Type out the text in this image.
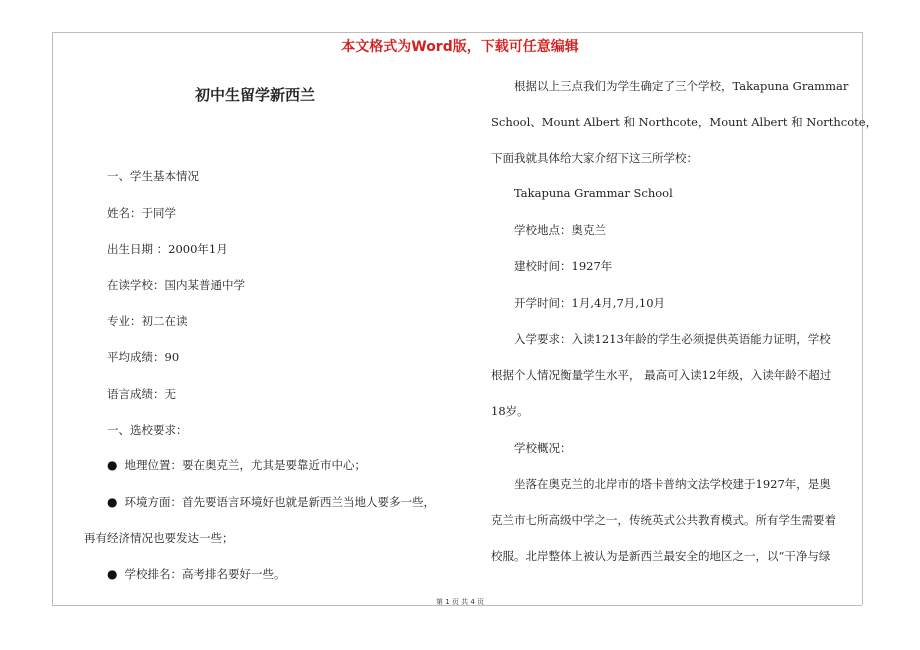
本文格式为Word版，下载可任意编辑
初中生留学新西兰
一、学生基本情况
姓名：于同学
出生日期 ：2000年1月
在读学校：国内某普通中学
专业：初二在读
平均成绩：90
语言成绩：无
一、选校要求：
● 地理位置：要在奥克兰，尤其是要靠近市中心；
● 环境方面：首先要语言环境好也就是新西兰当地人要多一些，
再有经济情况也要发达一些；
● 学校排名：高考排名要好一些。
根据以上三点我们为学生确定了三个学校，Takapuna Grammar
School、Mount Albert 和 Northcote，Mount Albert 和 Northcote，
下面我就具体给大家介绍下这三所学校：
Takapuna Grammar School
学校地点：奥克兰
建校时间：1927年
开学时间：1月,4月,7月,10月
入学要求：入读1213年龄的学生必须提供英语能力证明，学校
根据个人情况衡量学生水平， 最高可入读12年级，入读年龄不超过
18岁。
学校概况：
坐落在奥克兰的北岸市的塔卡普纳文法学校建于1927年，是奥
克兰市七所高级中学之一，传统英式公共教育模式。所有学生需要着
校服。北岸整体上被认为是新西兰最安全的地区之一，以“干净与绿
第 1 页 共 4 页
